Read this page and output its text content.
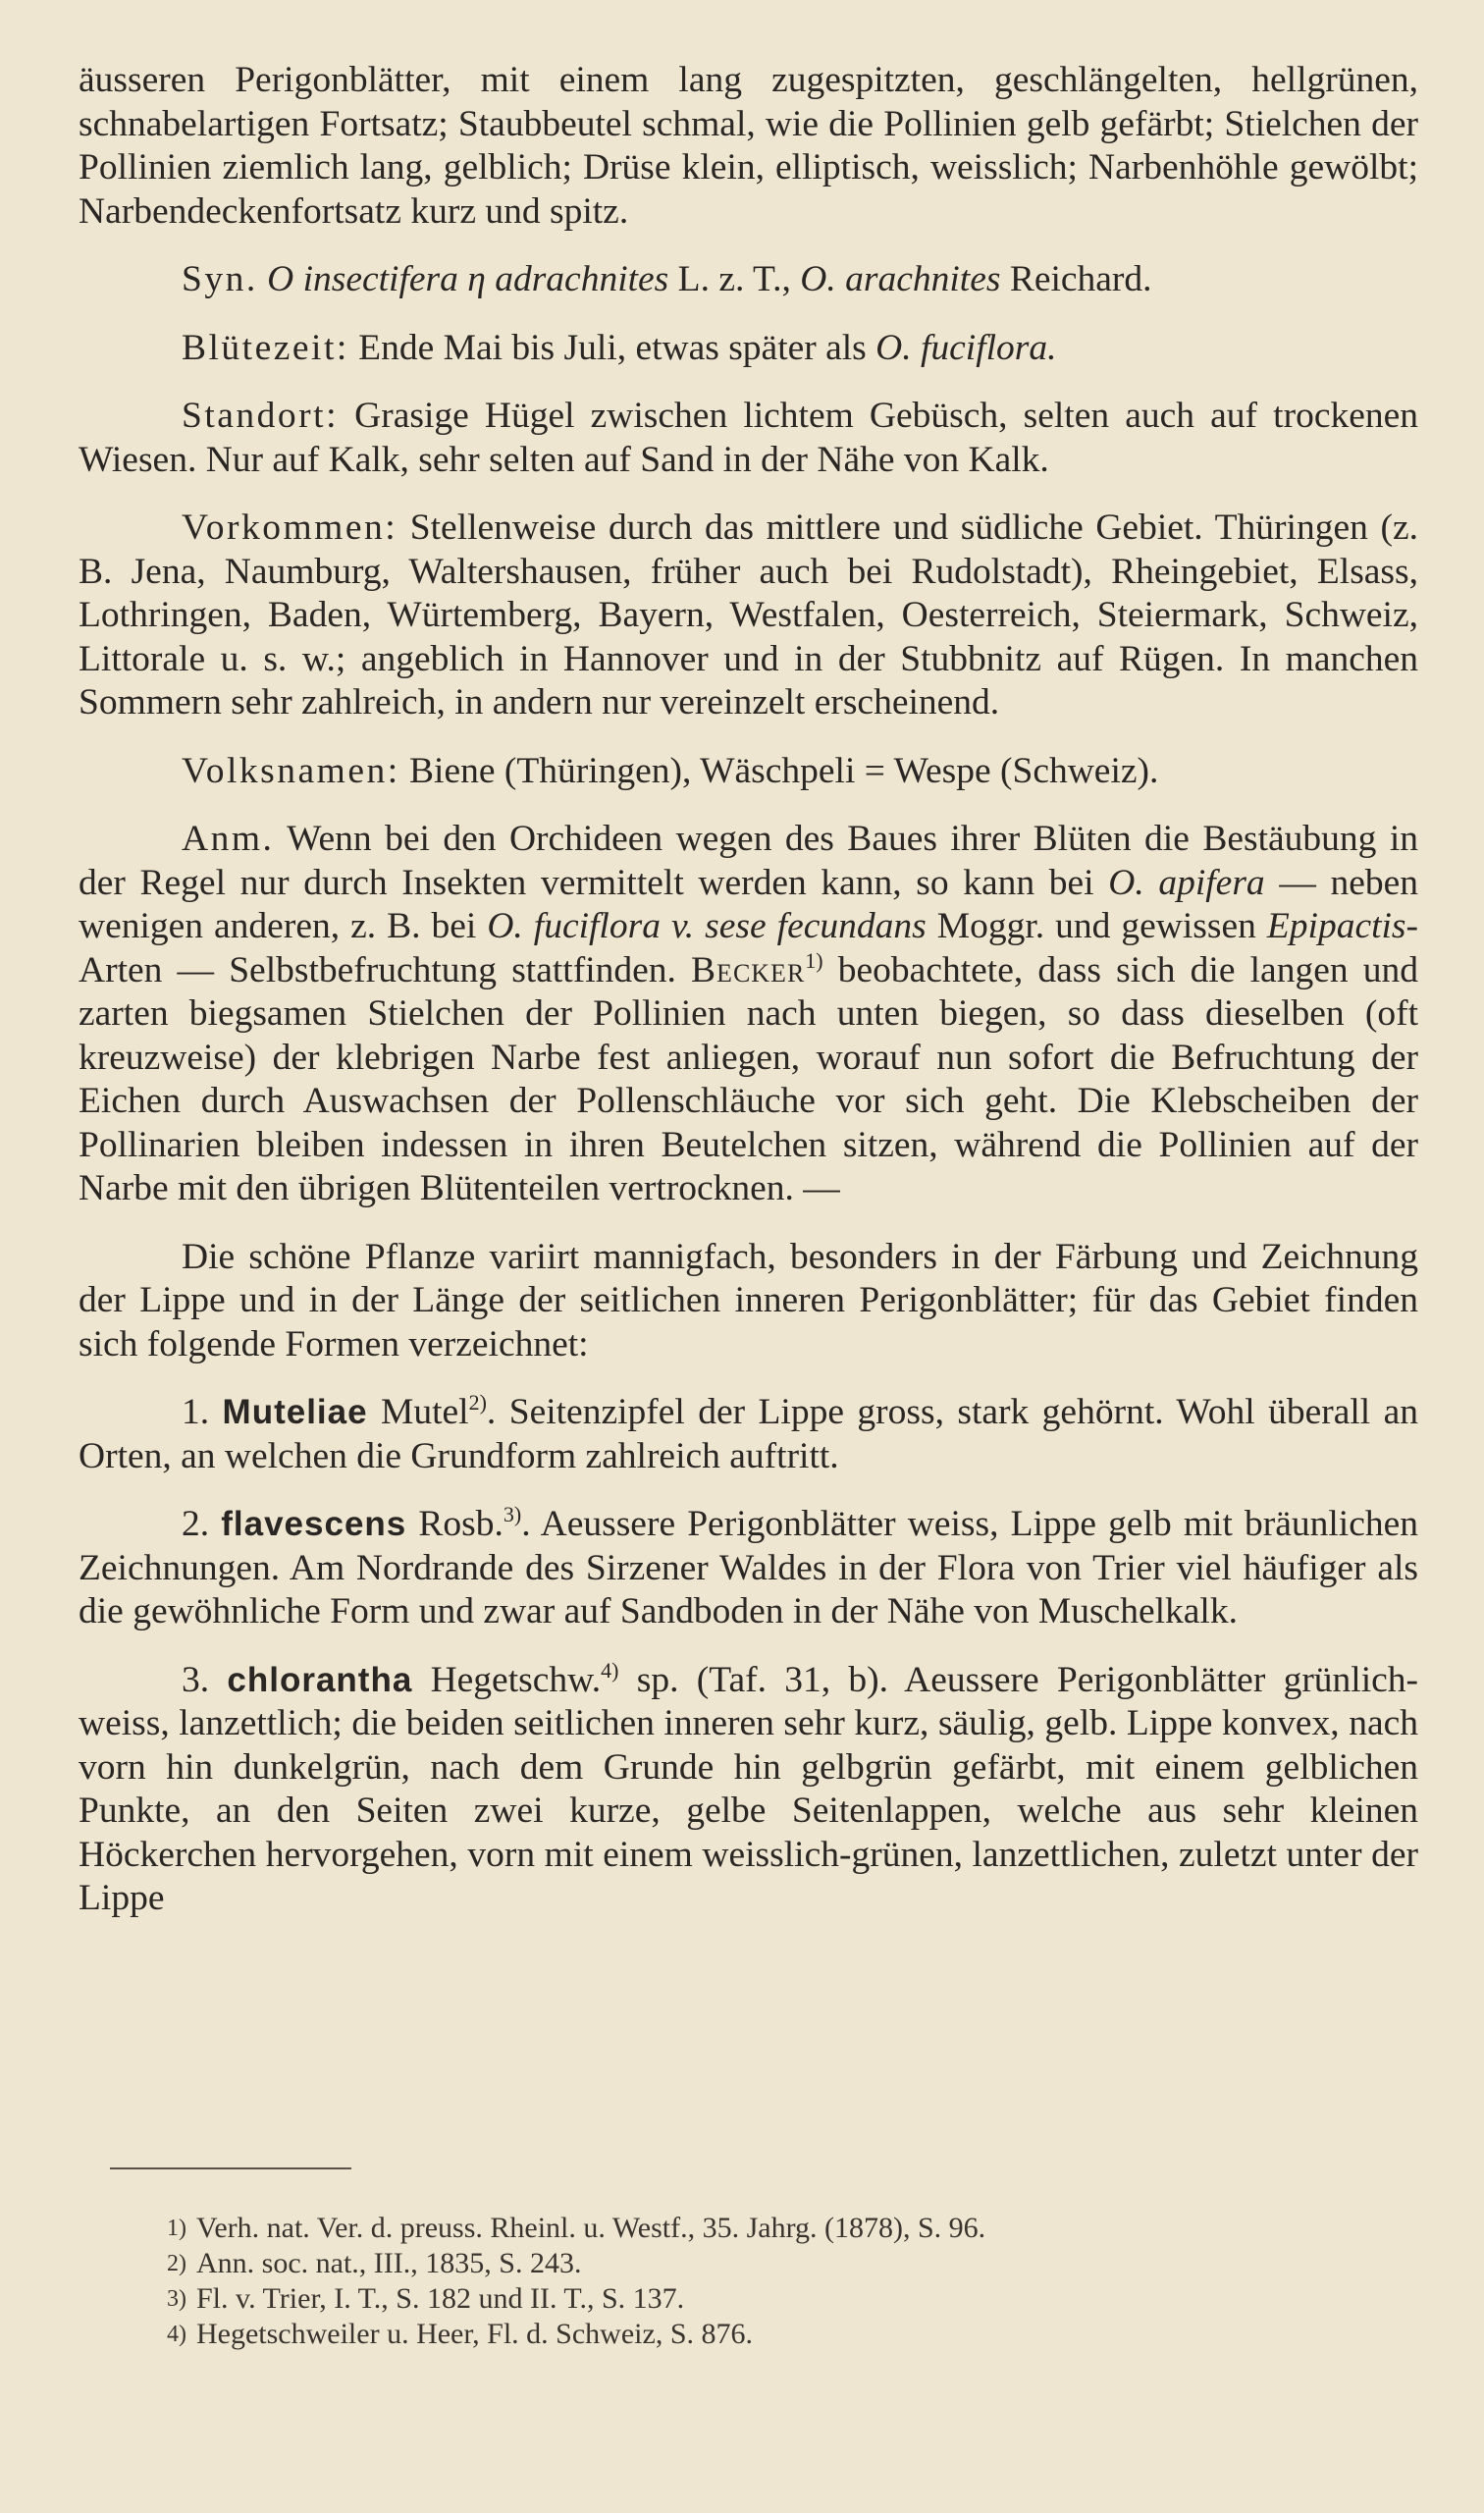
äusseren Perigonblätter, mit einem lang zugespitzten, geschlängelten, hellgrünen, schnabelartigen Fortsatz; Staubbeutel schmal, wie die Pollinien gelb gefärbt; Stielchen der Pollinien ziemlich lang, gelblich; Drüse klein, elliptisch, weisslich; Narbenhöhle gewölbt; Narbendeckenfortsatz kurz und spitz.

Syn. O insectifera η adrachnites L. z. T., O. arachnites Reichard.

Blütezeit: Ende Mai bis Juli, etwas später als O. fuciflora.

Standort: Grasige Hügel zwischen lichtem Gebüsch, selten auch auf trockenen Wiesen. Nur auf Kalk, sehr selten auf Sand in der Nähe von Kalk.

Vorkommen: Stellenweise durch das mittlere und südliche Gebiet. Thüringen (z. B. Jena, Naumburg, Waltershausen, früher auch bei Rudolstadt), Rheingebiet, Elsass, Lothringen, Baden, Würtemberg, Bayern, Westfalen, Oesterreich, Steiermark, Schweiz, Littorale u. s. w.; angeblich in Hannover und in der Stubbnitz auf Rügen. In manchen Sommern sehr zahlreich, in andern nur vereinzelt erscheinend.

Volksnamen: Biene (Thüringen), Wäschpeli = Wespe (Schweiz).

Anm. Wenn bei den Orchideen wegen des Baues ihrer Blüten die Bestäubung in der Regel nur durch Insekten vermittelt werden kann, so kann bei O. apifera — neben wenigen anderen, z. B. bei O. fuciflora v. sese fecundans Moggr. und gewissen Epipactis-Arten — Selbstbefruchtung stattfinden. Becker$^{1)}$ beobachtete, dass sich die langen und zarten biegsamen Stielchen der Pollinien nach unten biegen, so dass dieselben (oft kreuzweise) der klebrigen Narbe fest anliegen, worauf nun sofort die Befruchtung der Eichen durch Auswachsen der Pollenschläuche vor sich geht. Die Klebscheiben der Pollinarien bleiben indessen in ihren Beutelchen sitzen, während die Pollinien auf der Narbe mit den übrigen Blütenteilen vertrocknen. —

Die schöne Pflanze variirt mannigfach, besonders in der Färbung und Zeichnung der Lippe und in der Länge der seitlichen inneren Perigonblätter; für das Gebiet finden sich folgende Formen verzeichnet:

1. Muteliae Mutel$^{2)}$. Seitenzipfel der Lippe gross, stark gehörnt. Wohl überall an Orten, an welchen die Grundform zahlreich auftritt.

2. flavescens Rosb.$^{3)}$. Aeussere Perigonblätter weiss, Lippe gelb mit bräunlichen Zeichnungen. Am Nordrande des Sirzener Waldes in der Flora von Trier viel häufiger als die gewöhnliche Form und zwar auf Sandboden in der Nähe von Muschelkalk.

3. chlorantha Hegetschw.$^{4)}$ sp. (Taf. 31, b). Aeussere Perigonblätter grünlich-weiss, lanzettlich; die beiden seitlichen inneren sehr kurz, säulig, gelb. Lippe konvex, nach vorn hin dunkelgrün, nach dem Grunde hin gelbgrün gefärbt, mit einem gelblichen Punkte, an den Seiten zwei kurze, gelbe Seitenlappen, welche aus sehr kleinen Höckerchen hervorgehen, vorn mit einem weisslich-grünen, lanzettlichen, zuletzt unter der Lippe

1) Verh. nat. Ver. d. preuss. Rheinl. u. Westf., 35. Jahrg. (1878), S. 96.
2) Ann. soc. nat., III., 1835, S. 243.
3) Fl. v. Trier, I. T., S. 182 und II. T., S. 137.
4) Hegetschweiler u. Heer, Fl. d. Schweiz, S. 876.
